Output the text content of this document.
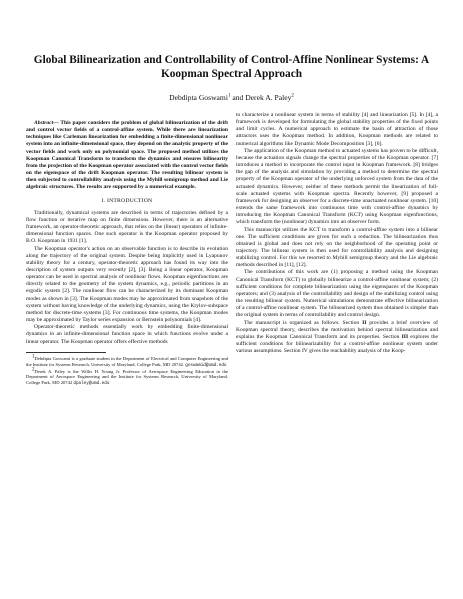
Global Bilinearization and Controllability of Control-Affine Nonlinear Systems: A Koopman Spectral Approach
Debdipta Goswami$^1$ and Derek A. Paley$^2$

Abstract— This paper considers the problem of global bilinearization of the drift and control vector fields of a control-affine system. While there are linearization techniques like Carleman linearization for embedding a finite-dimensional nonlinear system into an infinite-dimensional space, they depend on the analytic property of the vector fields and work only on polynomial space. The proposed method utilizes the Koopman Canonical Transform to transform the dynamics and ensures bilinearity from the projection of the Koopman operator associated with the control vector fields on the eigenspace of the drift Koopman operator. The resulting bilinear system is then subjected to controllability analysis using the Myhill semigroup method and Lie algebraic structures. The results are supported by a numerical example.

I. INTRODUCTION

Traditionally, dynamical systems are described in terms of trajectories defined by a flow function or iterative map on finite dimensions. However, there is an alternative framework, an operator-theoretic approach, that relies on the (linear) operators of infinite-dimensional function spaces. One such operator is the Koopman operator proposed by B.O. Koopman in 1931 [1].

The Koopman operator's action on an observable function is to describe its evolution along the trajectory of the original system. Despite being implicitly used in Lyapunov stability theory for a century, operator-theoretic approach has found its way into the description of system outputs very recently [2], [3]. Being a linear operator, Koopman operator can be used in spectral analysis of nonlinear flows. Koopman eigenfunctions are directly related to the geometry of the system dynamics, e.g., periodic partitions in an ergodic system [2]. The nonlinear flow can be characterized by its dominant Koopman modes as shown in [3]. The Koopman modes may be approximated from snapshots of the system without having knowledge of the underlying dynamics, using the Krylov-subspace method for discrete-time systems [3]. For continuous time systems, the Koopman modes may be approximated by Taylor series expansion or Bernstein polynomials [4].

Operator-theoretic methods essentially work by embedding finite-dimensional dynamics in an infinite-dimensional function space in which functions evolve under a linear operator. The Koopman operator offers effective methods

$^1$Debdipta Goswami is a graduate student in the Department of Electrical and Computer Engineering and the Institute for Systems Research, University of Maryland, College Park, MD 20742. goswamid@umd.edu

$^2$Derek A. Paley is the Willis H. Young Jr. Professor of Aerospace Engineering Education in the Department of Aerospace Engineering and the Institute for Systems Research, University of Maryland, College Park, MD 20742 dpaley@umd.edu

to characterize a nonlinear system in terms of stability [4] and linearization [5]. In [4], a framework is developed for formulating the global stability properties of the fixed points and limit cycles. A numerical approach to estimate the basin of attraction of those attractors uses the Koopman method. In addition, Koopman methods are related to numerical algorithms like Dynamic Mode Decomposition [3], [6].

The application of the Koopman method to actuated systems has proven to be difficult, because the actuation signals change the spectral properties of the Koopman operator. [7] introduces a method to incorporate the control input in Koopman framework. [8] bridges the gap of the analysis and simulation by providing a method to determine the spectral property of the Koopman operator of the underlying unforced system from the data of the actuated dynamics. However, neither of these methods permit the linearization of full-scale actuated systems with Koopman spectra. Recently however, [9] proposed a framework for designing an observer for a discrete-time unactuated nonlinear system. [10] extends the same framework into continuous time with control-affine dynamics by introducing the Koopman Canonical Transform (KCT) using Koopman eigenfunctions, which transform the (nonlinear) dynamics into an observer form.

This manuscript utilizes the KCT to transform a control-affine system into a bilinear one. The sufficient conditions are given for such a reduction. The bilinearization thus obtained is global and does not rely on the neighborhood of the operating point or trajectory. The bilinear system is then used for controllability analysis and designing stabilizing control. For this we resorted to Myhill semigroup theory and the Lie algebraic methods described in [11], [12].

The contributions of this work are (1) proposing a method using the Koopman Canonical Transform (KCT) to globally bilinearize a control-affine nonlinear system; (2) sufficient conditions for complete bilinearization using the eigenspaces of the Koopman operators; and (3) analysis of the controllability and design of the stabilizing control using the resulting bilinear system. Numerical simulations demonstrate effective bilinearization of a control-affine nonlinear system. The bilinearized system thus obtained is simpler than the original system in terms of controllability and control design.

The manuscript is organized as follows. Section II provides a brief overview of Koopman spectral theory, describes the motivation behind spectral bilinearization and explains the Koopman Canonical Transform and its properties. Section III explores the sufficient conditions for bilinearizability for a control-affine nonlinear system under various assumptions. Section IV gives the reachability analysis of the Koop-
